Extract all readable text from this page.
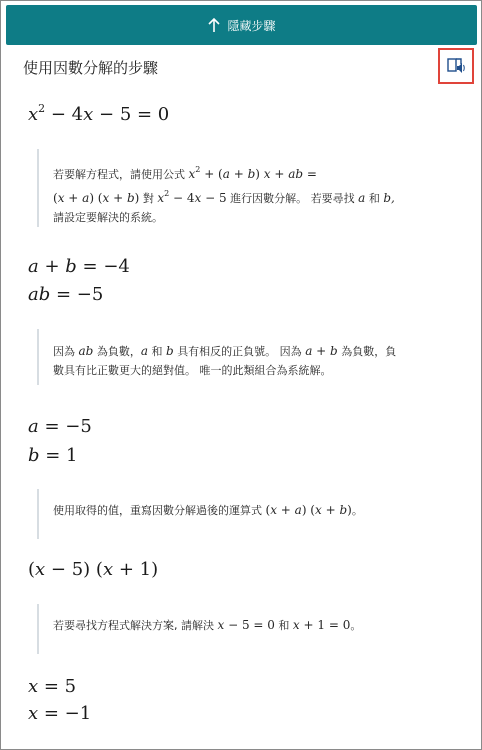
隱藏步驟
使用因數分解的步驟
$x^2 - 4x - 5 = 0$
若要解方程式，請使用公式 $x^2 + (a + b) x$ + ab =
(x + a) (x + b) 對 $x^2 - 4x - 5$ 進行因數分解。 若要尋找 a 和 b,
請設定要解決的系統。
a + b = −4
ab = −5
因為 ab 為負數，a 和 b 具有相反的正負號。 因為 a + b 為負數，負
數具有比正數更大的絕對值。 唯一的此類組合為系統解。
a = −5
b = 1
使用取得的值，重寫因數分解過後的運算式 (x + a) (x + b)。
(x − 5) (x + 1)
若要尋找方程式解決方案, 請解決 x − 5 = 0 和 x + 1 = 0。
x = 5
x = −1
